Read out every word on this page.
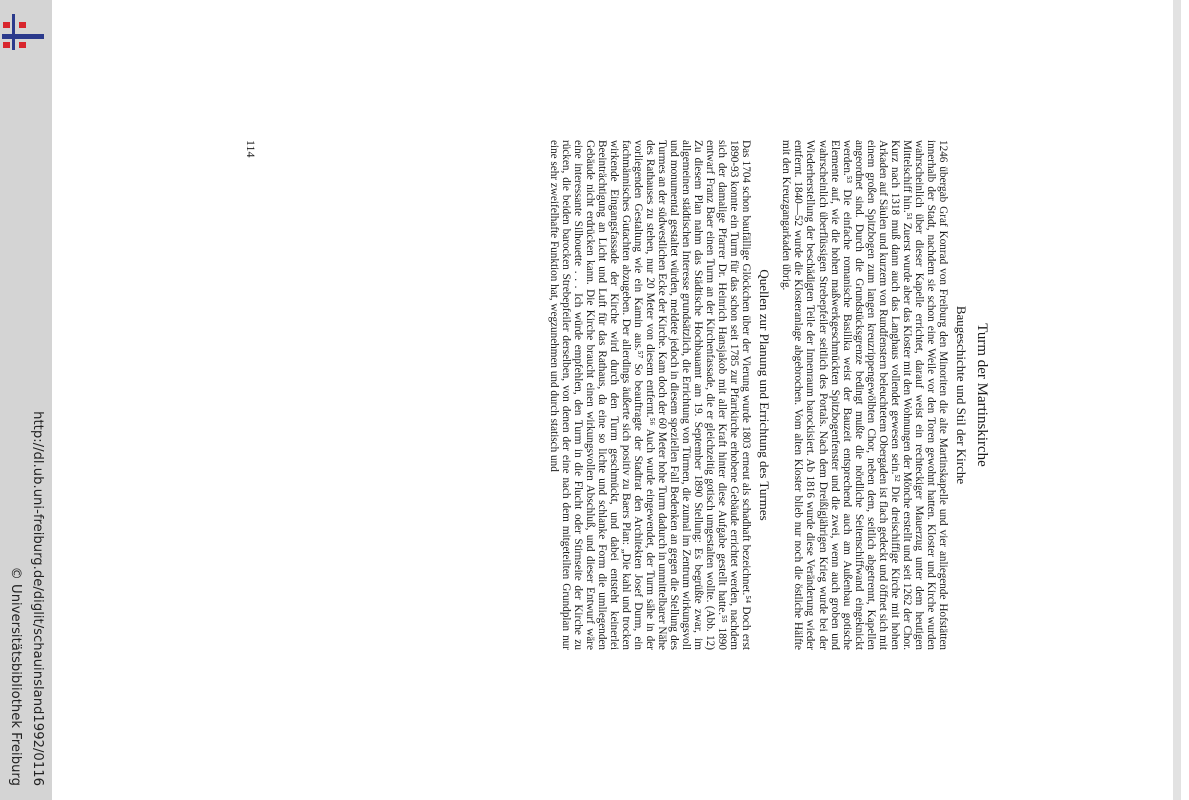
http://dl.ub.uni-freiburg.de/diglit/schauinsland1992/0116
© Universitätsbibliothek Freiburg
Turm der Martinskirche
Baugeschichte und Stil der Kirche

1246 übergab Graf Konrad von Freiburg den Minoriten die alte Martinskapelle und vier anliegende Hofstätten innerhalb der Stadt, nachdem sie schon eine Weile vor den Toren gewohnt hatten. Kloster und Kirche wurden wahrscheinlich über dieser Kapelle errichtet, darauf weist ein rechteckiger Mauerzug unter dem heutigen Mittelschiff hin.⁵¹ Zuerst wurde aber das Kloster mit den Wohnungen der Mönche erstellt und seit 1262 der Chor. Kurz nach 1318 muß dann auch das Langhaus vollendet gewesen sein.⁵² Die dreischiffige Kirche mit hohen Arkaden auf Säulen und kurzem von Rundfenstern beleuchtetem Obergaden ist flach gedeckt und öffnet sich mit einem großen Spitzbogen zum langen kreuzrippengewölbten Chor, neben dem, seitlich abgetrennt, Kapellen angeordnet sind. Durch die Grundstücksgrenze bedingt mußte die nördliche Seitenschiffwand eingeknickt werden.⁵³ Die einfache romanische Basilika weist der Bauzeit entsprechend auch am Außenbau gotische Elemente auf, wie die hohen maßwerkgeschmückten Spitzbogenfenster und die zwei, wenn auch groben und wahrscheinlich überflüssigen Strebepfeiler seitlich des Portals. Nach dem Dreißigjährigen Krieg wurde bei der Wiederherstellung der beschädigten Teile der Innenraum barockisiert. Ab 1816 wurde diese Veränderung wieder entfernt. 1840—52 wurde die Klosteranlage abgebrochen. Vom alten Kloster blieb nur noch die östliche Hälfte mit den Kreuzgangarkaden übrig.

Quellen zur Planung und Errichtung des Turmes

Das 1704 schon baufällige Glöckchen über der Vierung wurde 1803 erneut als schadhaft bezeichnet.⁵⁴ Doch erst 1890-93 konnte ein Turm für das schon seit 1785 zur Pfarrkirche erhobene Gebäude errichtet werden, nachdem sich der damalige Pfarrer Dr. Heinrich Hansjakob mit aller Kraft hinter diese Aufgabe gestellt hatte.⁵⁵ 1890 entwarf Franz Baer einen Turm an der Kirchenfassade, die er gleichzeitig gotisch umgestalten wollte. (Abb. 12) Zu diesem Plan nahm das Städtische Hochbauamt am 19. September 1890 Stellung: Es begrüßte zwar, im allgemeinen städtischen Interesse grundsätzlich, die Errichtung von Türmen, die zumal im Zentrum wirkungsvoll und monumental gestaltet würden, meldete jedoch in diesem speziellen Fall Bedenken an gegen die Stellung des Turmes an der südwestlichen Ecke der Kirche. Kam doch der 60 Meter hohe Turm dadurch in unmittelbarer Nähe des Rathauses zu stehen, nur 20 Meter von diesem entfernt.⁵⁶ Auch wurde eingewendet, der Turm sähe in der vorliegenden Gestaltung wie ein Kamin aus.⁵⁷ So beauftragte der Stadtrat den Architekten Josef Durm, ein fachmännisches Gutachten abzugeben. Der allerdings äußerte sich positiv zu Baers Plan: „Die kahl und trocken wirkende Eingangsfassade der Kirche wird durch den Turm geschmückt, und dabei entsteht keinerlei Beeinträchtigung an Licht und Luft für das Rathaus, da eine so lichte und schlanke Form die umliegenden Gebäude nicht erdrücken kann. Die Kirche braucht einen wirkungsvollen Abschluß, und dieser Entwurf wäre eine interessante Silhouette . . . Ich würde empfehlen, den Turm in die Flucht oder Stirnseite der Kirche zu rücken, die beiden barocken Strebepfeiler derselben, von denen der eine nach dem mitgeteilten Grundplan nur eine sehr zweifelhafte Funktion hat, wegzunehmen und durch statisch und

114
